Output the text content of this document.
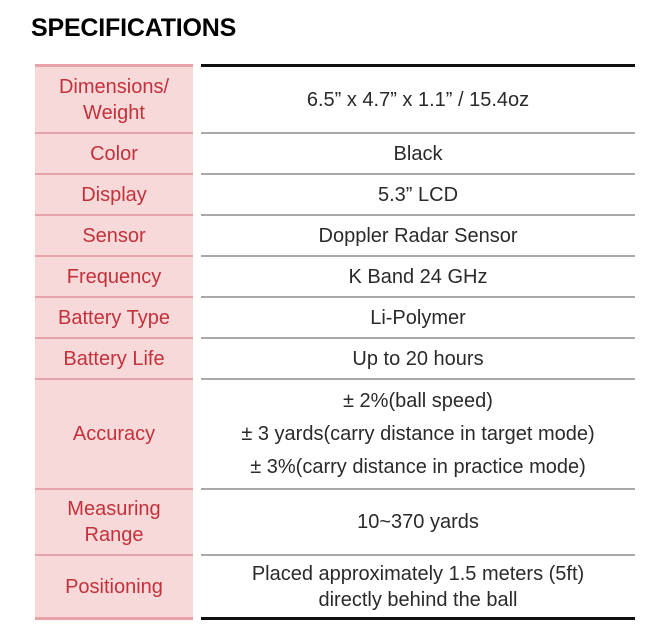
SPECIFICATIONS
Dimensions/
Weight		6.5” x 4.7” x 1.1” / 15.4oz
Color		Black
Display		5.3” LCD
Sensor		Doppler Radar Sensor
Frequency		K Band 24 GHz
Battery Type		Li-Polymer
Battery Life		Up to 20 hours
Accuracy		± 2%(ball speed)
± 3 yards(carry distance in target mode)
± 3%(carry distance in practice mode)

Measuring
Range		10~370 yards
Positioning		Placed approximately 1.5 meters (5ft)
directly behind the ball
